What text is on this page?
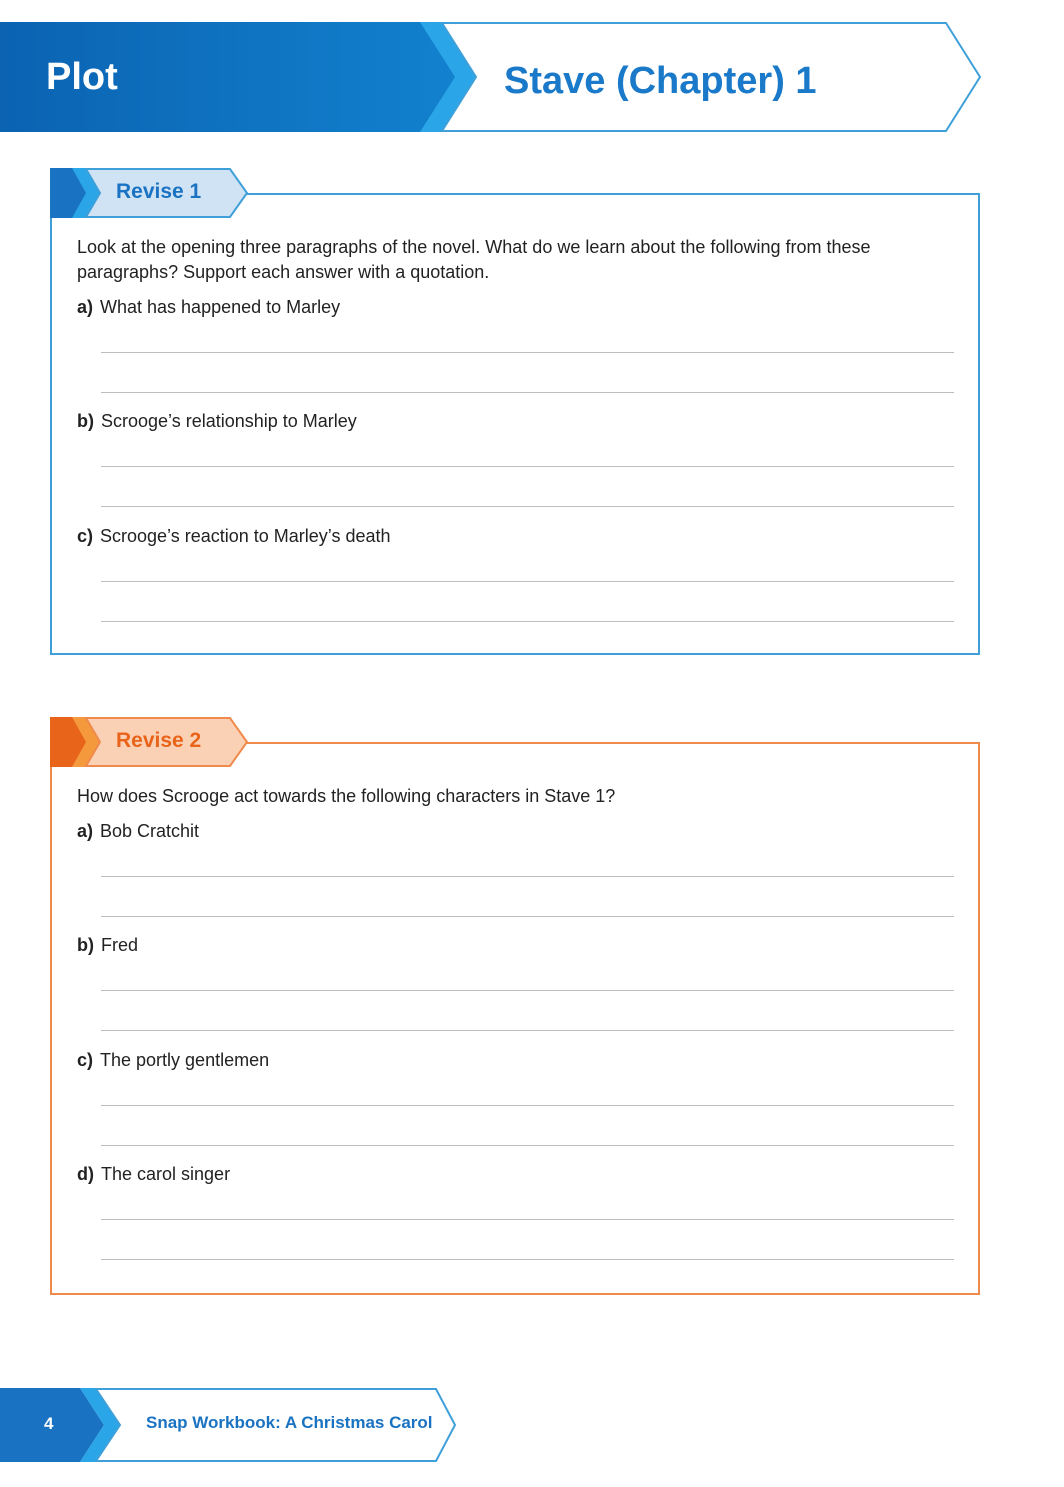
Plot	Stave (Chapter) 1
Revise 1
Look at the opening three paragraphs of the novel. What do we learn about the following from these paragraphs? Support each answer with a quotation.
a) What has happened to Marley
b) Scrooge’s relationship to Marley
c) Scrooge’s reaction to Marley’s death
Revise 2
How does Scrooge act towards the following characters in Stave 1?
a) Bob Cratchit
b) Fred
c) The portly gentlemen
d) The carol singer
4	Snap Workbook: A Christmas Carol
